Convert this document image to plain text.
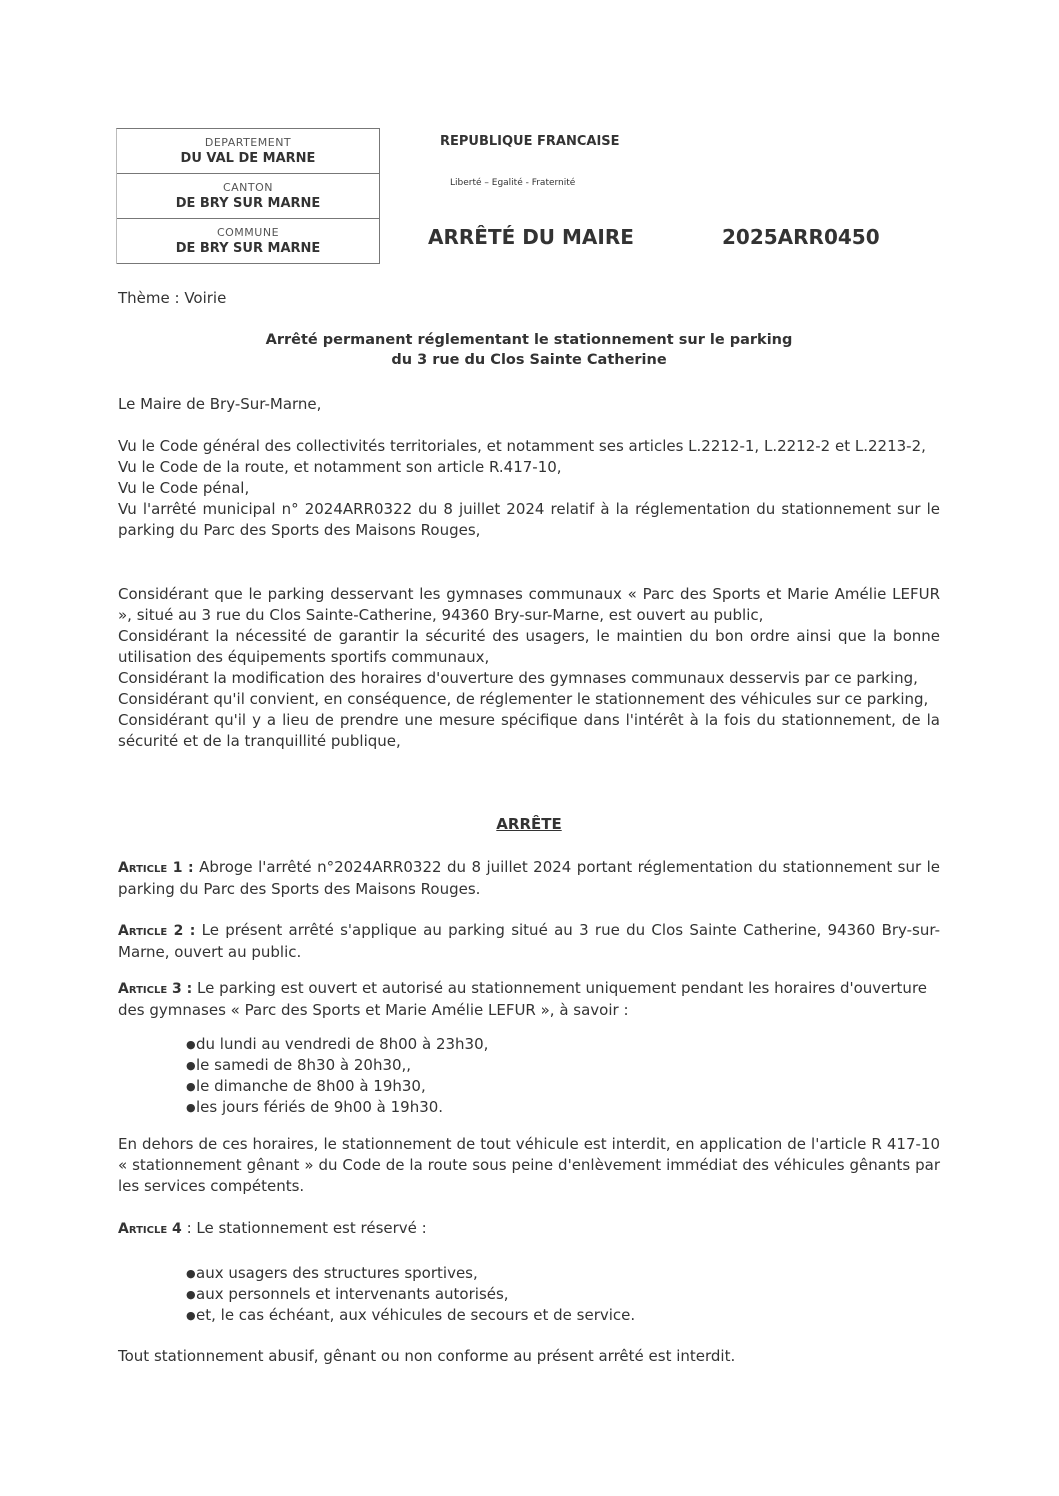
DEPARTEMENT
DU VAL DE MARNE
CANTON
DE BRY SUR MARNE
COMMUNE
DE BRY SUR MARNE
REPUBLIQUE FRANCAISE
Liberté – Egalité - Fraternité
ARRÊTÉ DU MAIRE	2025ARR0450
Thème : Voirie
Arrêté permanent réglementant le stationnement sur le parking
du 3 rue du Clos Sainte Catherine
Le Maire de Bry-Sur-Marne,
Vu le Code général des collectivités territoriales, et notamment ses articles L.2212-1, L.2212-2 et L.2213-2,
Vu le Code de la route, et notamment son article R.417-10,
Vu le Code pénal,
Vu l'arrêté municipal n° 2024ARR0322 du 8 juillet 2024 relatif à la réglementation du stationnement sur le parking du Parc des Sports des Maisons Rouges,
Considérant que le parking desservant les gymnases communaux « Parc des Sports et Marie Amélie LEFUR », situé au 3 rue du Clos Sainte-Catherine, 94360 Bry-sur-Marne, est ouvert au public,
Considérant la nécessité de garantir la sécurité des usagers, le maintien du bon ordre ainsi que la bonne utilisation des équipements sportifs communaux,
Considérant la modification des horaires d'ouverture des gymnases communaux desservis par ce parking,
Considérant qu'il convient, en conséquence, de réglementer le stationnement des véhicules sur ce parking,
Considérant qu'il y a lieu de prendre une mesure spécifique dans l'intérêt à la fois du stationnement, de la sécurité et de la tranquillité publique,
ARRÊTE
Article 1 : Abroge l'arrêté n°2024ARR0322 du 8 juillet 2024 portant réglementation du stationnement sur le parking du Parc des Sports des Maisons Rouges.
Article 2 : Le présent arrêté s'applique au parking situé au 3 rue du Clos Sainte Catherine, 94360 Bry-sur-Marne, ouvert au public.
Article 3 : Le parking est ouvert et autorisé au stationnement uniquement pendant les horaires d'ouverture des gymnases « Parc des Sports et Marie Amélie LEFUR », à savoir :
● du lundi au vendredi de 8h00 à 23h30,
● le samedi de 8h30 à 20h30,,
● le dimanche de 8h00 à 19h30,
● les jours fériés de 9h00 à 19h30.
En dehors de ces horaires, le stationnement de tout véhicule est interdit, en application de l'article R 417-10 « stationnement gênant » du Code de la route sous peine d'enlèvement immédiat des véhicules gênants par les services compétents.
Article 4 : Le stationnement est réservé :
● aux usagers des structures sportives,
● aux personnels et intervenants autorisés,
● et, le cas échéant, aux véhicules de secours et de service.
Tout stationnement abusif, gênant ou non conforme au présent arrêté est interdit.
